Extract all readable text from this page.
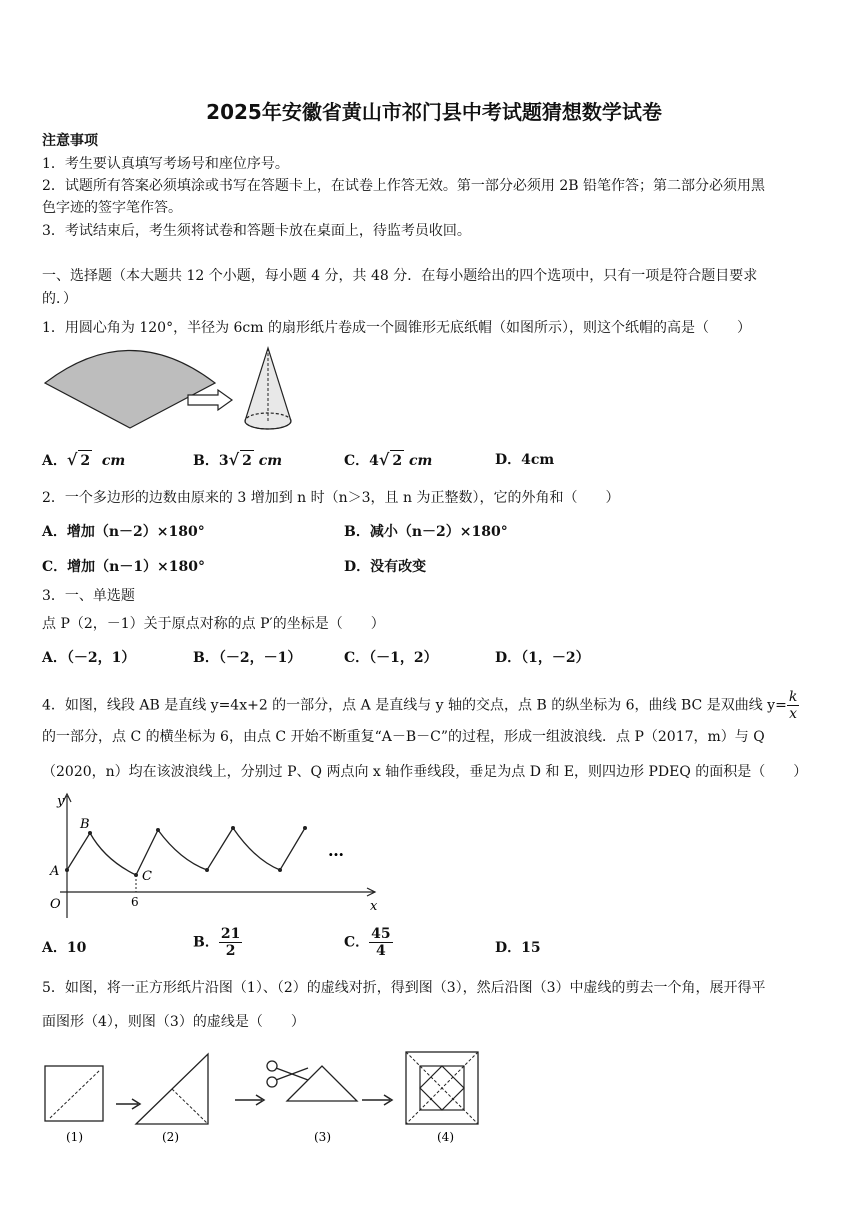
2025年安徽省黄山市祁门县中考试题猜想数学试卷
注意事项
1．考生要认真填写考场号和座位序号。
2．试题所有答案必须填涂或书写在答题卡上，在试卷上作答无效。第一部分必须用 2B 铅笔作答；第二部分必须用黑
色字迹的签字笔作答。
3．考试结束后，考生须将试卷和答题卡放在桌面上，待监考员收回。
一、选择题（本大题共 12 个小题，每小题 4 分，共 48 分．在每小题给出的四个选项中，只有一项是符合题目要求
的．）
1．用圆心角为 120°，半径为 6cm 的扇形纸片卷成一个圆锥形无底纸帽（如图所示），则这个纸帽的高是（　　）
A．√ 2 cm	B．3√ 2 cm	C．4√ 2 cm	D．4cm
2．一个多边形的边数由原来的 3 增加到 n 时（n＞3，且 n 为正整数），它的外角和（　　）
A．增加（n－2）×180°	B．减小（n－2）×180°
C．增加（n－1）×180°	D．没有改变
3．一、单选题
点 P（2，－1）关于原点对称的点 P′的坐标是（　　）
A．（－2，1）	B．（－2，－1）	C．（－1，2）	D．（1，－2）
4．如图，线段 AB 是直线 y=4x+2 的一部分，点 A 是直线与 y 轴的交点，点 B 的纵坐标为 6，曲线 BC 是双曲线 $y= \frac{k}{x}$
的一部分，点 C 的横坐标为 6，由点 C 开始不断重复“A－B－C”的过程，形成一组波浪线．点 P（2017，m）与 Q
（2020，n）均在该波浪线上，分别过 P、Q 两点向 x 轴作垂线段，垂足为点 D 和 E，则四边形 PDEQ 的面积是（　　）
y
x
O
A
B
C
6
…
A．10	B． $\frac{21}{2}$	C． $\frac{45}{4}$	D．15
5．如图，将一正方形纸片沿图（1）、（2）的虚线对折，得到图（3），然后沿图（3）中虚线的剪去一个角，展开得平
面图形（4），则图（3）的虚线是（　　）
(1)	(2)	(3)	(4)
